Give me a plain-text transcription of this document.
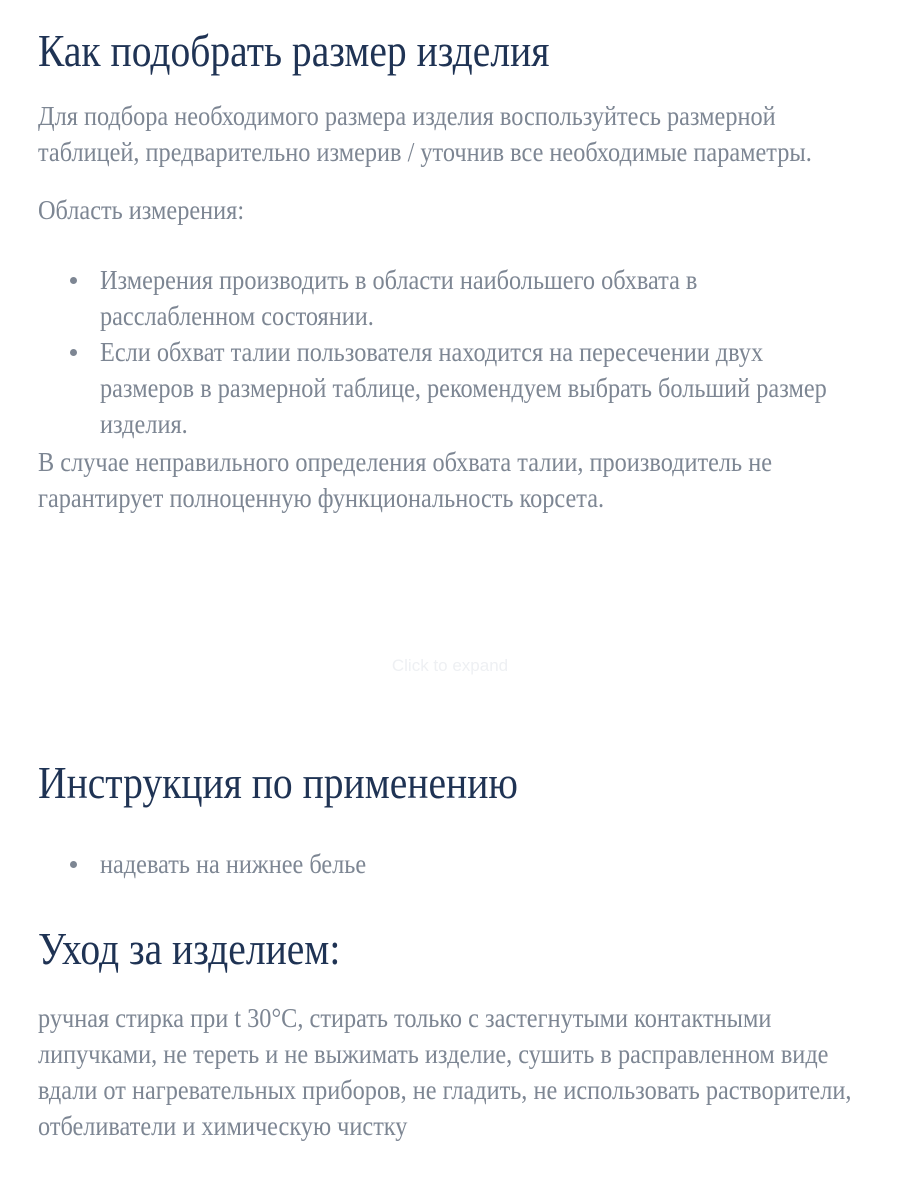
Как подобрать размер изделия

Для подбора необходимого размера изделия воспользуйтесь размерной таблицей, предварительно измерив / уточнив все необходимые параметры.

Область измерения:

Измерения производить в области наибольшего обхвата в расслабленном состоянии.
Если обхват талии пользователя находится на пересечении двух размеров в размерной таблице, рекомендуем выбрать больший размер изделия.

В случае неправильного определения обхвата талии, производитель не гарантирует полноценную функциональность корсета.

Инструкция по применению
надевать на нижнее белье
Уход за изделием:

ручная стирка при t 30°C, стирать только с застегнутыми контактными липучками, не тереть и не выжимать изделие, сушить в расправленном виде вдали от нагревательных приборов, не гладить, не использовать растворители, отбеливатели и химическую чистку

Click to expand
